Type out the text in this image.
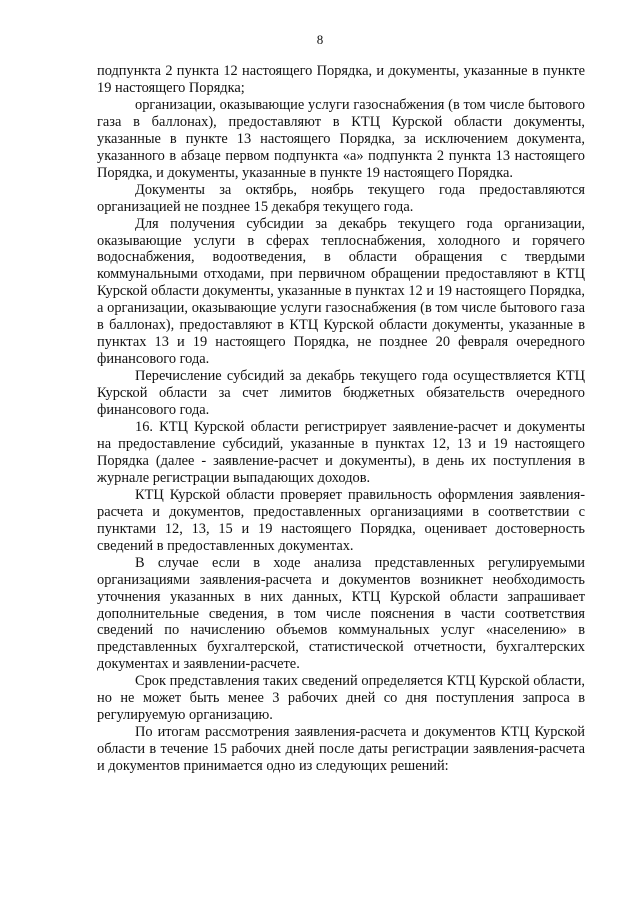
8

подпункта 2 пункта 12 настоящего Порядка, и документы, указанные в пункте 19 настоящего Порядка;

организации, оказывающие услуги газоснабжения (в том числе бытового газа в баллонах), предоставляют в КТЦ Курской области документы, указанные в пункте 13 настоящего Порядка, за исключением документа, указанного в абзаце первом подпункта «а» подпункта 2 пункта 13 настоящего Порядка, и документы, указанные в пункте 19 настоящего Порядка.

Документы за октябрь, ноябрь текущего года предоставляются организацией не позднее 15 декабря текущего года.

Для получения субсидии за декабрь текущего года организации, оказывающие услуги в сферах теплоснабжения, холодного и горячего водоснабжения, водоотведения, в области обращения с твердыми коммунальными отходами, при первичном обращении предоставляют в КТЦ Курской области документы, указанные в пунктах 12 и 19 настоящего Порядка, а организации, оказывающие услуги газоснабжения (в том числе бытового газа в баллонах), предоставляют в КТЦ Курской области документы, указанные в пунктах 13 и 19 настоящего Порядка, не позднее 20 февраля очередного финансового года.

Перечисление субсидий за декабрь текущего года осуществляется КТЦ Курской области за счет лимитов бюджетных обязательств очередного финансового года.

16. КТЦ Курской области регистрирует заявление-расчет и документы на предоставление субсидий, указанные в пунктах 12, 13 и 19 настоящего Порядка (далее - заявление-расчет и документы), в день их поступления в журнале регистрации выпадающих доходов.

КТЦ Курской области проверяет правильность оформления заявления-расчета и документов, предоставленных организациями в соответствии с пунктами 12, 13, 15 и 19 настоящего Порядка, оценивает достоверность сведений в предоставленных документах.

В случае если в ходе анализа представленных регулируемыми организациями заявления-расчета и документов возникнет необходимость уточнения указанных в них данных, КТЦ Курской области запрашивает дополнительные сведения, в том числе пояснения в части соответствия сведений по начислению объемов коммунальных услуг «населению» в представленных бухгалтерской, статистической отчетности, бухгалтерских документах и заявлении-расчете.

Срок представления таких сведений определяется КТЦ Курской области, но не может быть менее 3 рабочих дней со дня поступления запроса в регулируемую организацию.

По итогам рассмотрения заявления-расчета и документов КТЦ Курской области в течение 15 рабочих дней после даты регистрации заявления-расчета и документов принимается одно из следующих решений:
